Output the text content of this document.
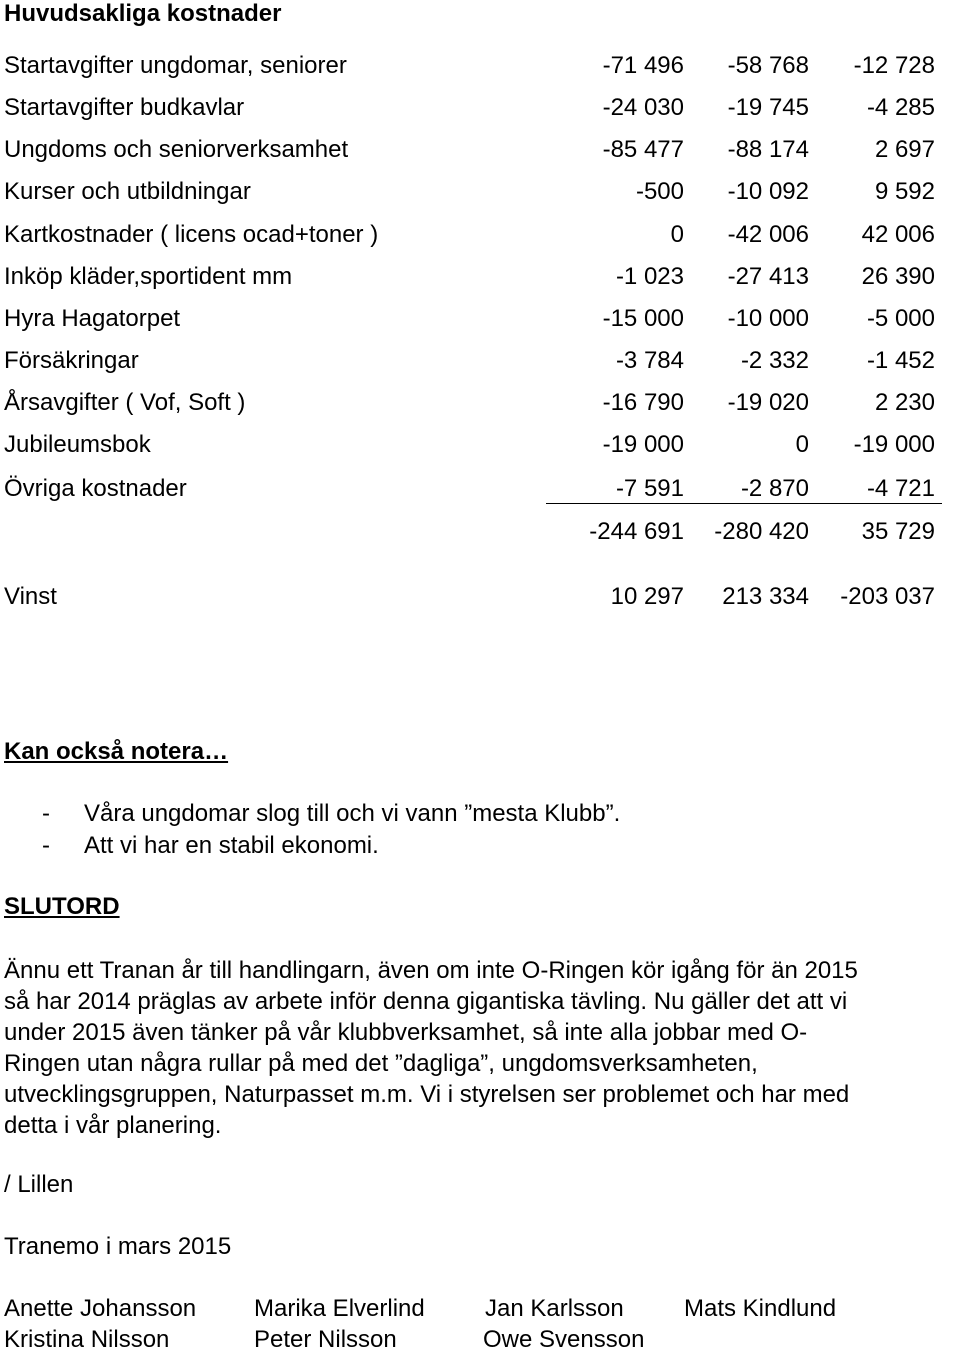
Huvudsakliga kostnader
Startavgifter ungdomar, seniorer	-71 496	-58 768	-12 728
Startavgifter budkavlar	-24 030	-19 745	-4 285
Ungdoms och seniorverksamhet	-85 477	-88 174	2 697
Kurser och utbildningar	-500	-10 092	9 592
Kartkostnader ( licens ocad+toner )	0	-42 006	42 006
Inköp kläder,sportident mm	-1 023	-27 413	26 390
Hyra Hagatorpet	-15 000	-10 000	-5 000
Försäkringar	-3 784	-2 332	-1 452
Årsavgifter ( Vof, Soft )	-16 790	-19 020	2 230
Jubileumsbok	-19 000	0	-19 000
Övriga kostnader	-7 591	-2 870	-4 721
-244 691	-280 420	35 729
Vinst	10 297	213 334	-203 037
Kan också notera…
- Våra ungdomar slog till och vi vann ”mesta Klubb”.
- Att vi har en stabil ekonomi.
SLUTORD
Ännu ett Tranan år till handlingarn, även om inte O-Ringen kör igång för än 2015
så har 2014 präglas av arbete inför denna gigantiska tävling. Nu gäller det att vi
under 2015 även tänker på vår klubbverksamhet, så inte alla jobbar med O-
Ringen utan några rullar på med det ”dagliga”, ungdomsverksamheten,
utvecklingsgruppen, Naturpasset m.m. Vi i styrelsen ser problemet och har med
detta i vår planering.
/ Lillen
Tranemo i mars 2015
Anette Johansson Marika Elverlind	Jan Karlsson	Mats Kindlund
Kristina Nilsson	Peter Nilsson	Owe Svensson
